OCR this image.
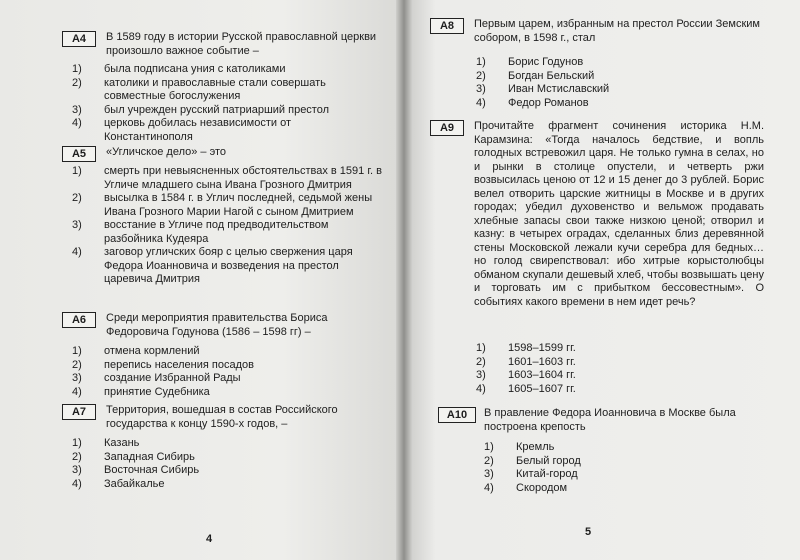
A4	В 1589 году в истории Русской православной церкви произошло важное событие –
1)	была подписана уния с католиками
2)	католики и православные стали совершать совместные богослужения
3)	был учрежден русский патриарший престол
4)	церковь добилась независимости от Константинополя
A5	«Угличское дело» – это
1)	смерть при невыясненных обстоятельствах в 1591 г. в Угличе младшего сына Ивана Грозного Дмитрия
2)	высылка в 1584 г. в Углич последней, седьмой жены Ивана Грозного Марии Нагой с сыном Дмитрием
3)	восстание в Угличе под предводительством разбойника Кудеяра
4)	заговор угличских бояр с целью свержения царя Федора Иоанновича и возведения на престол царевича Дмитрия
A6	Среди мероприятия правительства Бориса Федоровича Годунова (1586 – 1598 гг) –
1)	отмена кормлений
2)	перепись населения посадов
3)	создание Избранной Рады
4)	принятие Судебника
A7	Территория, вошедшая в состав Российского государства к концу 1590-х годов, –
1)	Казань
2)	Западная Сибирь
3)	Восточная Сибирь
4)	Забайкалье
4
A8	Первым царем, избранным на престол России Земским собором, в 1598 г., стал
1)	Борис Годунов
2)	Богдан Бельский
3)	Иван Мстиславский
4)	Федор Романов
A9	Прочитайте фрагмент сочинения историка Н.М. Карамзина: «Тогда началось бедствие, и вопль голодных встревожил царя. Не только гумна в селах, но и рынки в столице опустели, и четверть ржи возвысилась ценою от 12 и 15 денег до 3 рублей. Борис велел отворить царские житницы в Москве и в других городах; убедил духовенство и вельмож продавать хлебные запасы свои также низкою ценой; отворил и казну: в четырех оградах, сделанных близ деревянной стены Московской лежали кучи серебра для бедных… но голод свирепствовал: ибо хитрые корыстолюбцы обманом скупали дешевый хлеб, чтобы возвышать цену и торговать им с прибытком бессовестным». О событиях какого времени в нем идет речь?
1)	1598–1599 гг.
2)	1601–1603 гг.
3)	1603–1604 гг.
4)	1605–1607 гг.
A10	В правление Федора Иоанновича в Москве была построена крепость
1)	Кремль
2)	Белый город
3)	Китай-город
4)	Скородом
5
